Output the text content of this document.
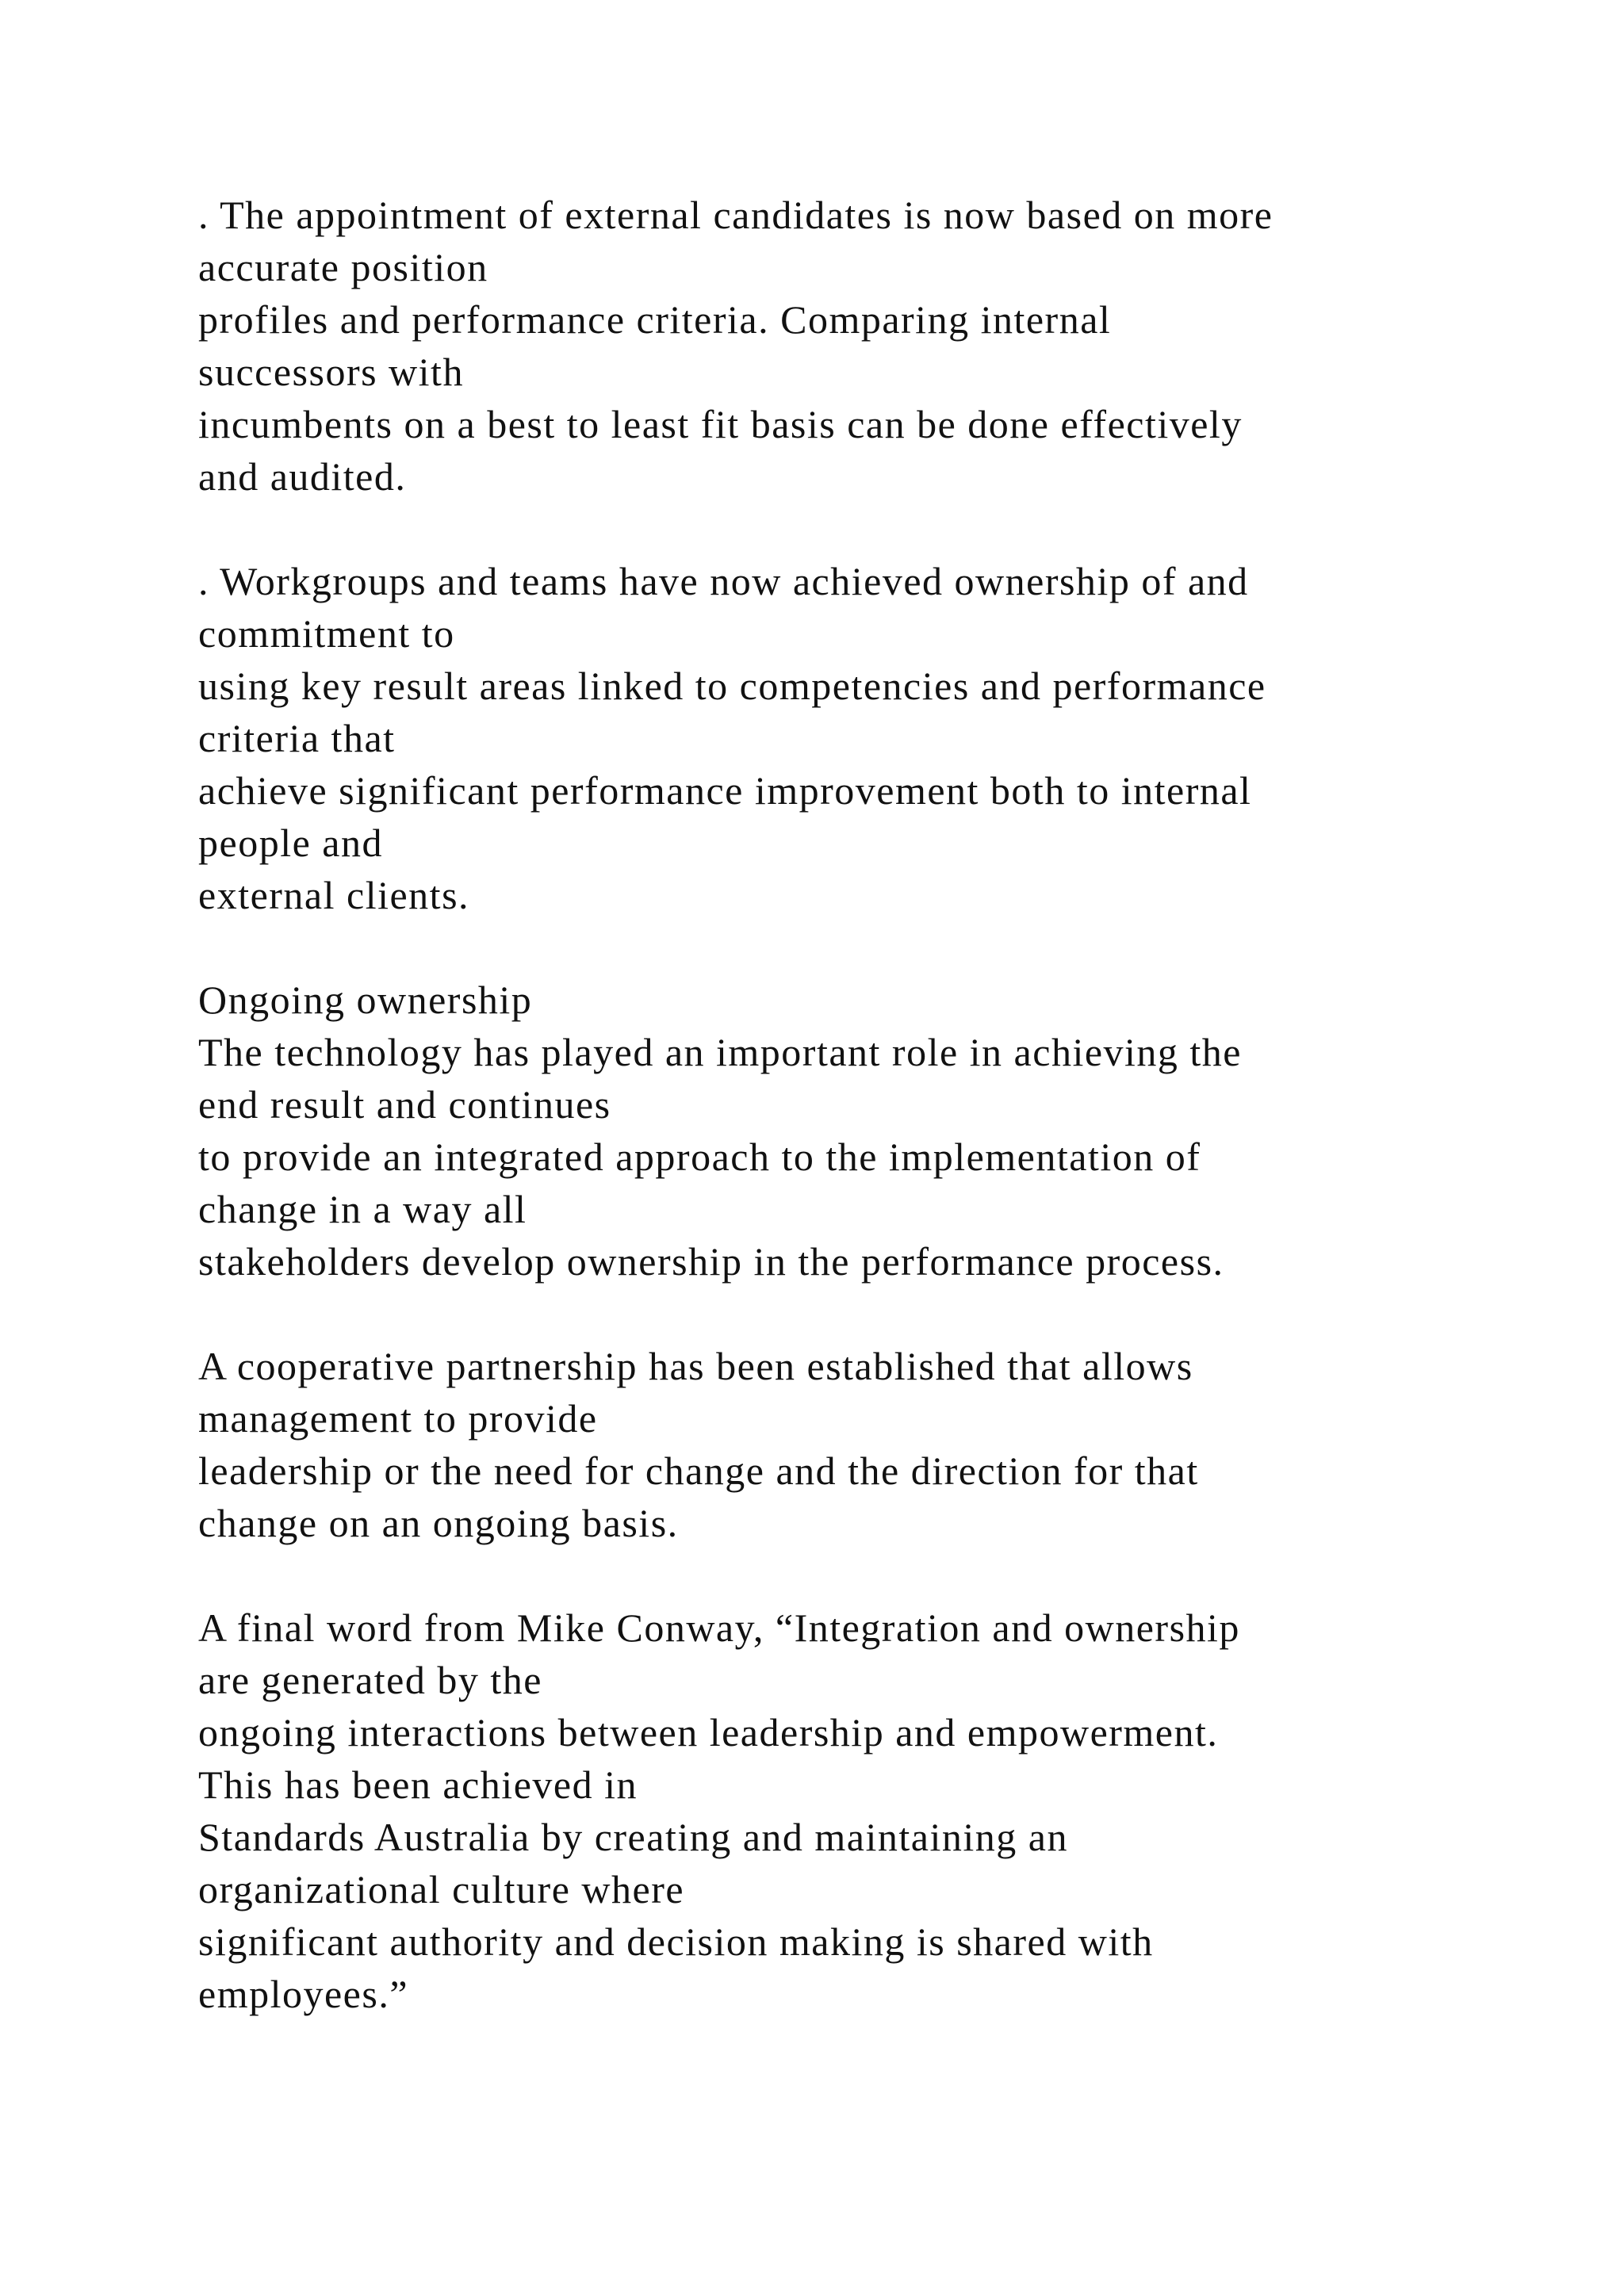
. The appointment of external candidates is now based on more
accurate position
profiles and performance criteria. Comparing internal
successors with
incumbents on a best to least fit basis can be done effectively
and audited.
. Workgroups and teams have now achieved ownership of and
commitment to
using key result areas linked to competencies and performance
criteria that
achieve significant performance improvement both to internal
people and
external clients.
Ongoing ownership
The technology has played an important role in achieving the
end result and continues
to provide an integrated approach to the implementation of
change in a way all
stakeholders develop ownership in the performance process.
A cooperative partnership has been established that allows
management to provide
leadership or the need for change and the direction for that
change on an ongoing basis.
A final word from Mike Conway, “Integration and ownership
are generated by the
ongoing interactions between leadership and empowerment.
This has been achieved in
Standards Australia by creating and maintaining an
organizational culture where
significant authority and decision making is shared with
employees.”
